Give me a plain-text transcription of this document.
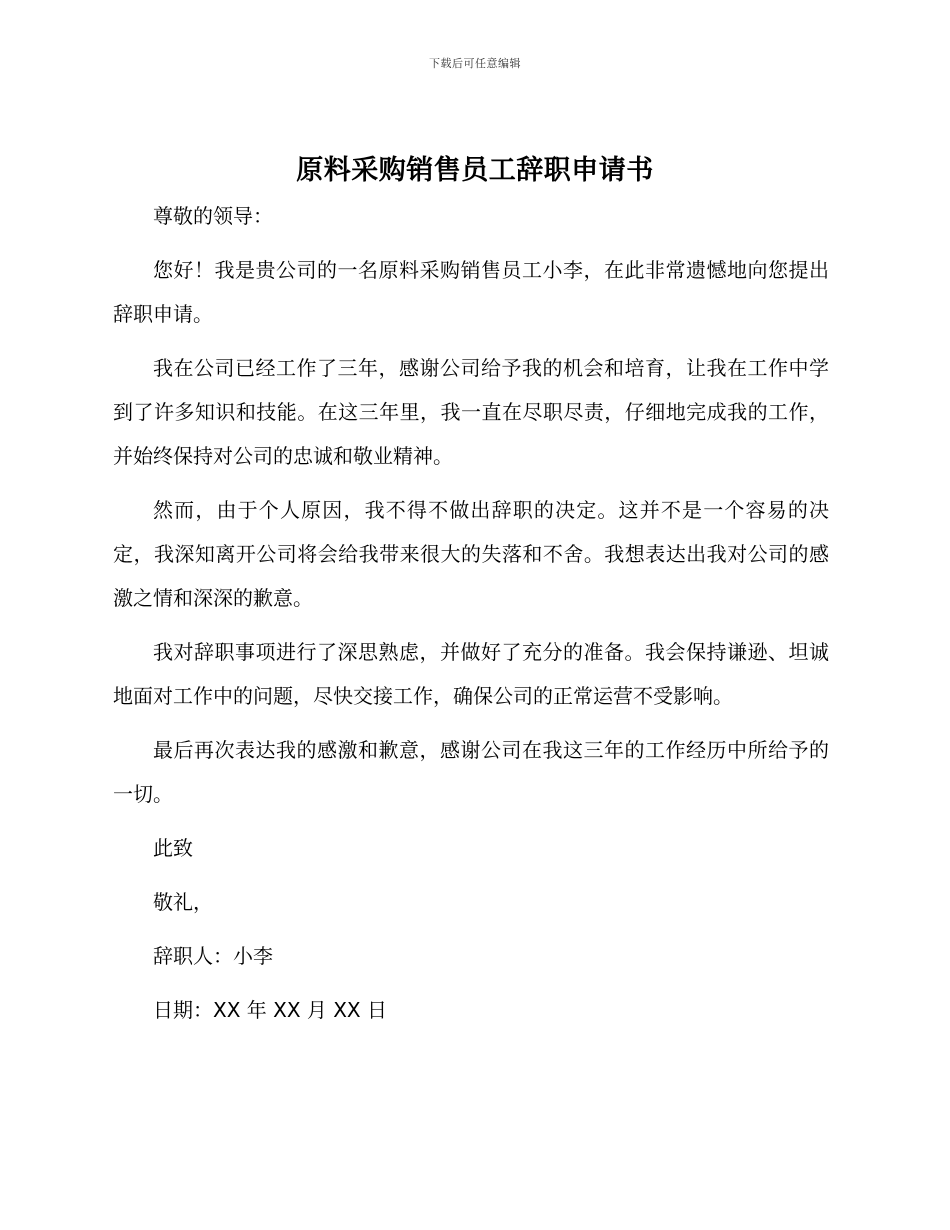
下载后可任意编辑
原料采购销售员工辞职申请书

尊敬的领导：

您好！我是贵公司的一名原料采购销售员工小李，在此非常遗憾地向您提出辞职申请。

我在公司已经工作了三年，感谢公司给予我的机会和培育，让我在工作中学到了许多知识和技能。在这三年里，我一直在尽职尽责，仔细地完成我的工作，并始终保持对公司的忠诚和敬业精神。

然而，由于个人原因，我不得不做出辞职的决定。这并不是一个容易的决定，我深知离开公司将会给我带来很大的失落和不舍。我想表达出我对公司的感激之情和深深的歉意。

我对辞职事项进行了深思熟虑，并做好了充分的准备。我会保持谦逊、坦诚地面对工作中的问题，尽快交接工作，确保公司的正常运营不受影响。

最后再次表达我的感激和歉意，感谢公司在我这三年的工作经历中所给予的一切。

此致

敬礼，

辞职人：小李

日期：XX 年 XX 月 XX 日
